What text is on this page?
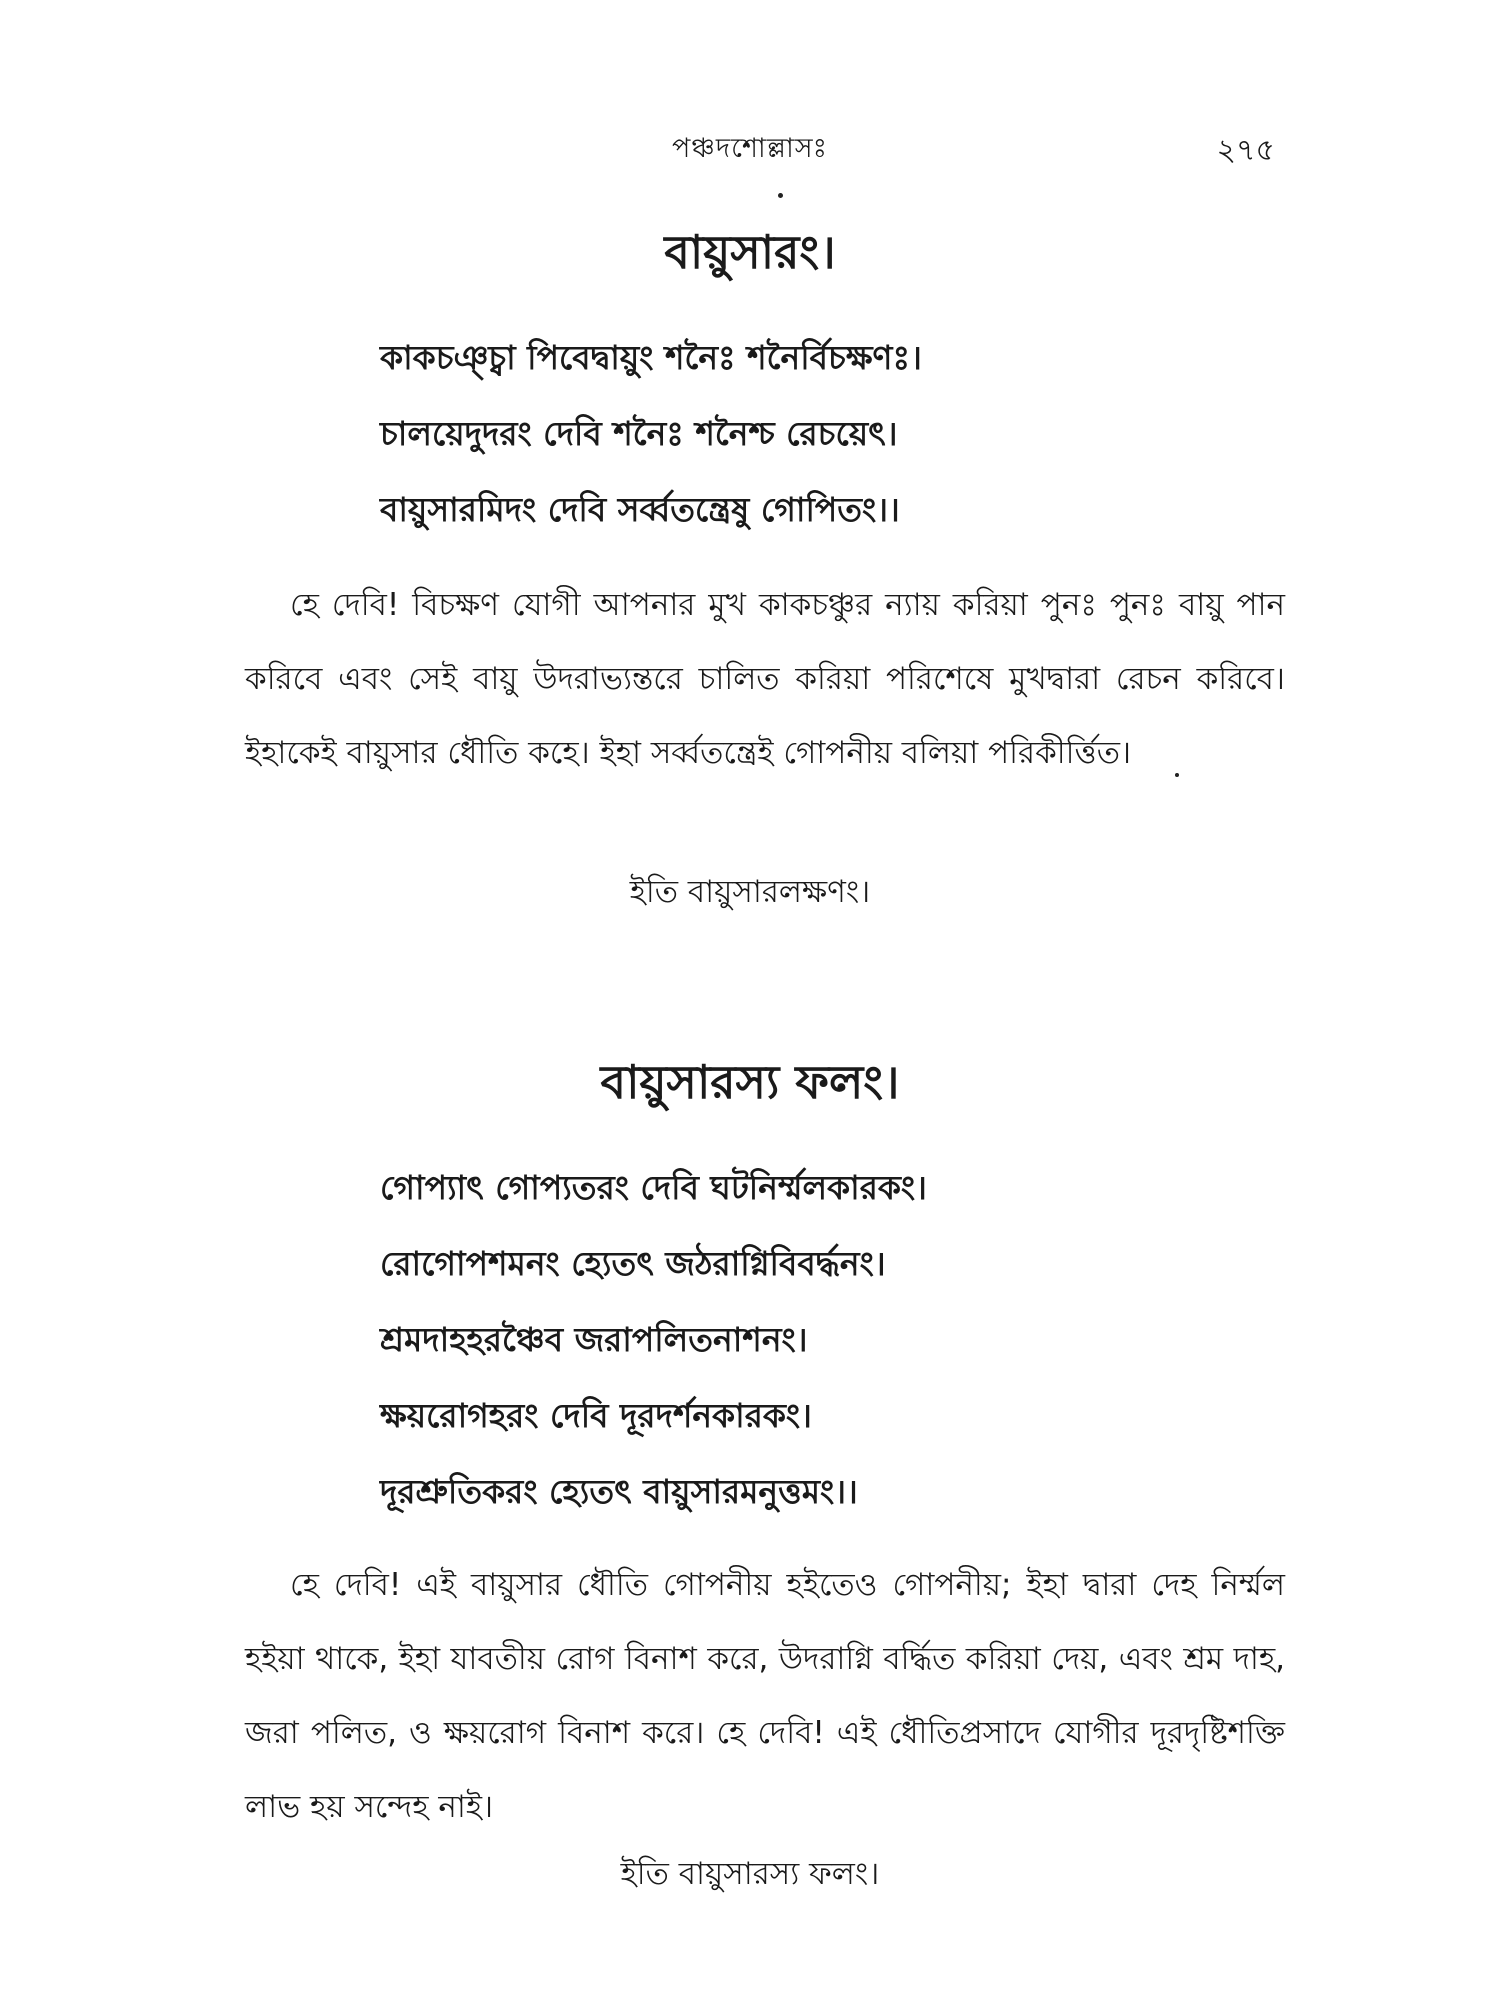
পঞ্চদশোল্লাসঃ	২৭৫
বায়ুসারং।
কাকচঞ্চ্বা পিবেদ্বায়ুং শনৈঃ শনৈর্বিচক্ষণঃ।
চালয়েদুদরং দেবি শনৈঃ শনৈশ্চ রেচয়েৎ।
বায়ুসারমিদং দেবি সর্ব্বতন্ত্রেষু গোপিতং।।
হে দেবি! বিচক্ষণ যোগী আপনার মুখ কাকচঞ্চুর ন্যায় করিয়া পুনঃ পুনঃ বায়ু পান করিবে এবং সেই বায়ু উদরাভ্যন্তরে চালিত করিয়া পরিশেষে মুখদ্বারা রেচন করিবে। ইহাকেই বায়ুসার ধৌতি কহে। ইহা সর্ব্বতন্ত্রেই গোপনীয় বলিয়া পরিকীর্ত্তিত।
ইতি বায়ুসারলক্ষণং।
বায়ুসারস্য ফলং।
গোপ্যাৎ গোপ্যতরং দেবি ঘটনির্ম্মলকারকং।
রোগোপশমনং হ্যেতৎ জঠরাগ্নিবিবর্দ্ধনং।
শ্রমদাহহরঞ্চৈব জরাপলিতনাশনং।
ক্ষয়রোগহরং দেবি দূরদর্শনকারকং।
দূরশ্রুতিকরং হ্যেতৎ বায়ুসারমনুত্তমং।।
হে দেবি! এই বায়ুসার ধৌতি গোপনীয় হইতেও গোপনীয়; ইহা দ্বারা দেহ নির্ম্মল হইয়া থাকে, ইহা যাবতীয় রোগ বিনাশ করে, উদরাগ্নি বর্দ্ধিত করিয়া দেয়, এবং শ্রম দাহ, জরা পলিত, ও ক্ষয়রোগ বিনাশ করে। হে দেবি! এই ধৌতিপ্রসাদে যোগীর দূরদৃষ্টিশক্তি লাভ হয় সন্দেহ নাই।
ইতি বায়ুসারস্য ফলং।
